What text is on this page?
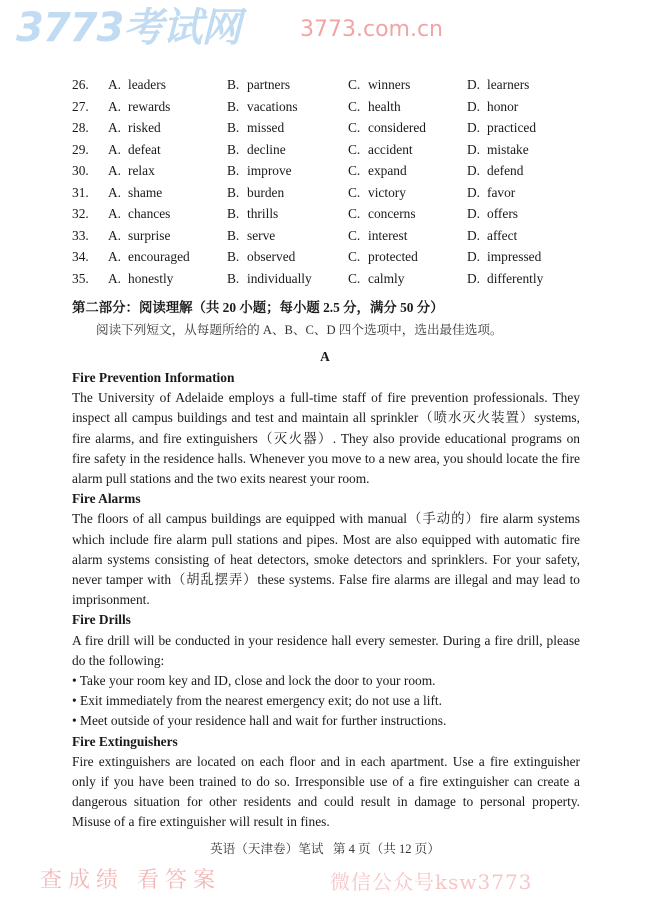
26. A. leaders	B. partners	C. winners	D. learners
27. A. rewards	B. vacations	C. health	D. honor
28. A. risked	B. missed	C. considered	D. practiced
29. A. defeat	B. decline	C. accident	D. mistake
30. A. relax	B. improve	C. expand	D. defend
31. A. shame	B. burden	C. victory	D. favor
32. A. chances	B. thrills	C. concerns	D. offers
33. A. surprise	B. serve	C. interest	D. affect
34. A. encouraged	B. observed	C. protected	D. impressed
35. A. honestly	B. individually	C. calmly	D. differently
第二部分：阅读理解（共 20 小题；每小题 2.5 分，满分 50 分）
阅读下列短文，从每题所给的 A、B、C、D 四个选项中，选出最佳选项。
A
Fire Prevention Information

The University of Adelaide employs a full-time staff of fire prevention professionals. They inspect all campus buildings and test and maintain all sprinkler（喷水灭火装置）systems, fire alarms, and fire extinguishers（灭火器）. They also provide educational programs on fire safety in the residence halls. Whenever you move to a new area, you should locate the fire alarm pull stations and the two exits nearest your room.

Fire Alarms

The floors of all campus buildings are equipped with manual（手动的）fire alarm systems which include fire alarm pull stations and pipes. Most are also equipped with automatic fire alarm systems consisting of heat detectors, smoke detectors and sprinklers. For your safety, never tamper with（胡乱摆弄）these systems. False fire alarms are illegal and may lead to imprisonment.

Fire Drills

A fire drill will be conducted in your residence hall every semester. During a fire drill, please do the following:

• Take your room key and ID, close and lock the door to your room.
• Exit immediately from the nearest emergency exit; do not use a lift.
• Meet outside of your residence hall and wait for further instructions.
Fire Extinguishers

Fire extinguishers are located on each floor and in each apartment. Use a fire extinguisher only if you have been trained to do so. Irresponsible use of a fire extinguisher can create a dangerous situation for other residents and could result in damage to personal property. Misuse of a fire extinguisher will result in fines.

英语（天津卷）笔试   第 4 页（共 12 页）
3773考试网	3773.com.cn
查成绩 看答案	微信公众号ksw3773
